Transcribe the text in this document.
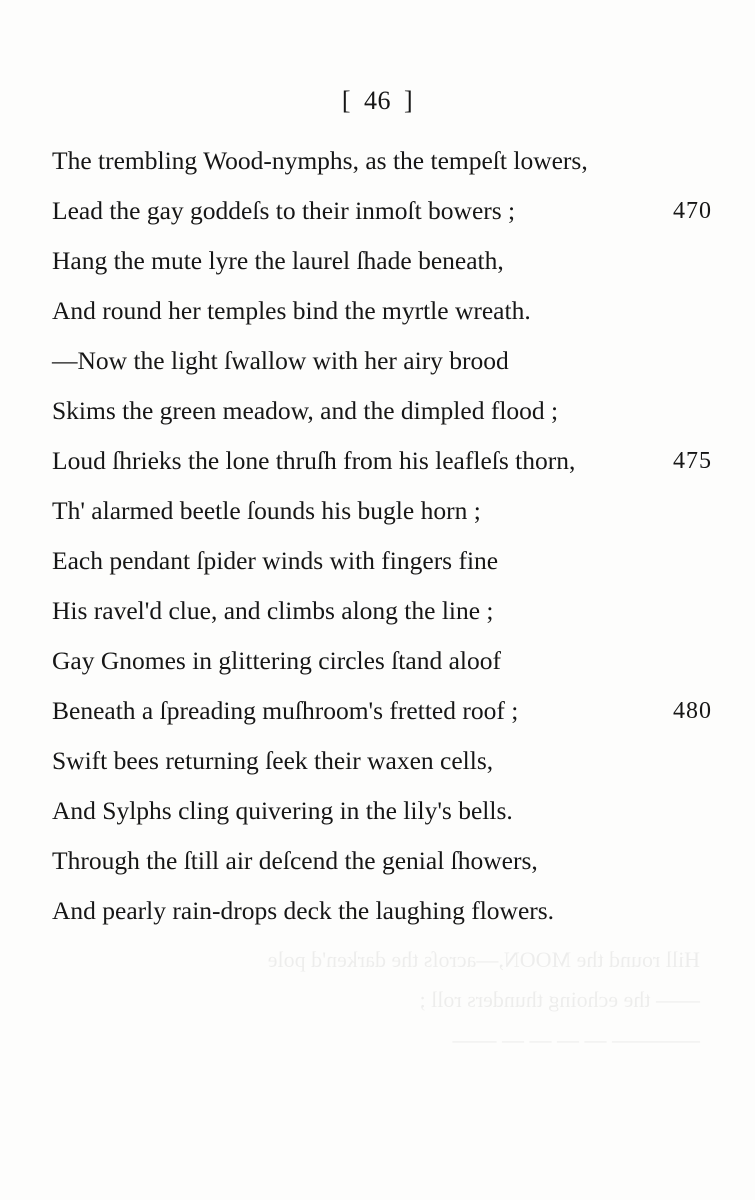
Hill round the MOON,—acroſs the darken'd pole
—— the echoing thunders roll ;
———— — — — — ——
[ 46 ]
The trembling Wood-nymphs, as the tempeſt lowers,
Lead the gay goddeſs to their inmoſt bowers ;	470
Hang the mute lyre the laurel ſhade beneath,
And round her temples bind the myrtle wreath.
—Now the light ſwallow with her airy brood
Skims the green meadow, and the dimpled flood ;
Loud ſhrieks the lone thruſh from his leafleſs thorn,	475
Th' alarmed beetle ſounds his bugle horn ;
Each pendant ſpider winds with fingers fine
His ravel'd clue, and climbs along the line ;
Gay Gnomes in glittering circles ſtand aloof
Beneath a ſpreading muſhroom's fretted roof ;	480
Swift bees returning ſeek their waxen cells,
And Sylphs cling quivering in the lily's bells.
Through the ſtill air deſcend the genial ſhowers,
And pearly rain-drops deck the laughing flowers.
